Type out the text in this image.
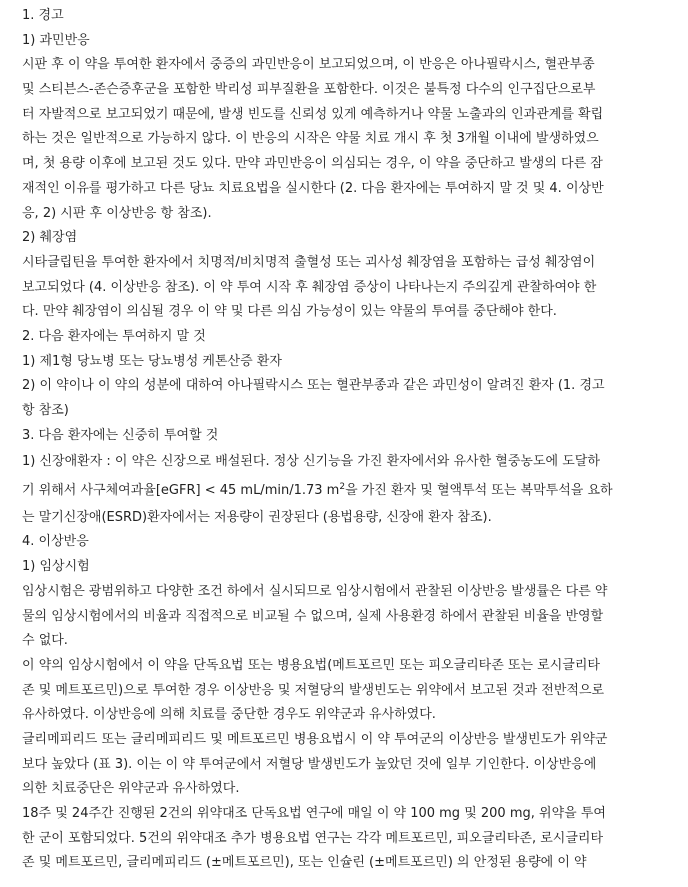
1. 경고
1) 과민반응
시판 후 이 약을 투여한 환자에서 중증의 과민반응이 보고되었으며, 이 반응은 아나필락시스, 혈관부종
및 스티븐스-존슨증후군을 포함한 박리성 피부질환을 포함한다. 이것은 불특정 다수의 인구집단으로부
터 자발적으로 보고되었기 때문에, 발생 빈도를 신뢰성 있게 예측하거나 약물 노출과의 인과관계를 확립
하는 것은 일반적으로 가능하지 않다. 이 반응의 시작은 약물 치료 개시 후 첫 3개월 이내에 발생하였으
며, 첫 용량 이후에 보고된 것도 있다. 만약 과민반응이 의심되는 경우, 이 약을 중단하고 발생의 다른 잠
재적인 이유를 평가하고 다른 당뇨 치료요법을 실시한다 (2. 다음 환자에는 투여하지 말 것 및 4. 이상반
응, 2) 시판 후 이상반응 항 참조).
2) 췌장염
시타글립틴을 투여한 환자에서 치명적/비치명적 출혈성 또는 괴사성 췌장염을 포함하는 급성 췌장염이
보고되었다 (4. 이상반응 참조). 이 약 투여 시작 후 췌장염 증상이 나타나는지 주의깊게 관찰하여야 한
다. 만약 췌장염이 의심될 경우 이 약 및 다른 의심 가능성이 있는 약물의 투여를 중단해야 한다.
2. 다음 환자에는 투여하지 말 것
1) 제1형 당뇨병 또는 당뇨병성 케톤산증 환자
2) 이 약이나 이 약의 성분에 대하여 아나필락시스 또는 혈관부종과 같은 과민성이 알려진 환자 (1. 경고
항 참조)
3. 다음 환자에는 신중히 투여할 것
1) 신장애환자 : 이 약은 신장으로 배설된다. 정상 신기능을 가진 환자에서와 유사한 혈중농도에 도달하
기 위해서 사구체여과율[eGFR] < 45 mL/min/1.73 $m^2$을 가진 환자 및 혈액투석 또는 복막투석을 요하
는 말기신장애(ESRD)환자에서는 저용량이 권장된다 (용법용량, 신장애 환자 참조).
4. 이상반응
1) 임상시험
임상시험은 광범위하고 다양한 조건 하에서 실시되므로 임상시험에서 관찰된 이상반응 발생률은 다른 약
물의 임상시험에서의 비율과 직접적으로 비교될 수 없으며, 실제 사용환경 하에서 관찰된 비율을 반영할
수 없다.
이 약의 임상시험에서 이 약을 단독요법 또는 병용요법(메트포르민 또는 피오글리타존 또는 로시글리타
존 및 메트포르민)으로 투여한 경우 이상반응 및 저혈당의 발생빈도는 위약에서 보고된 것과 전반적으로
유사하였다. 이상반응에 의해 치료를 중단한 경우도 위약군과 유사하였다.
글리메피리드 또는 글리메피리드 및 메트포르민 병용요법시 이 약 투여군의 이상반응 발생빈도가 위약군
보다 높았다 (표 3). 이는 이 약 투여군에서 저혈당 발생빈도가 높았던 것에 일부 기인한다. 이상반응에
의한 치료중단은 위약군과 유사하였다.
18주 및 24주간 진행된 2건의 위약대조 단독요법 연구에 매일 이 약 100 mg 및 200 mg, 위약을 투여
한 군이 포함되었다. 5건의 위약대조 추가 병용요법 연구는 각각 메트포르민, 피오글리타존, 로시글리타
존 및 메트포르민, 글리메피리드 (±메트포르민), 또는 인슐린 (±메트포르민) 의 안정된 용량에 이 약
